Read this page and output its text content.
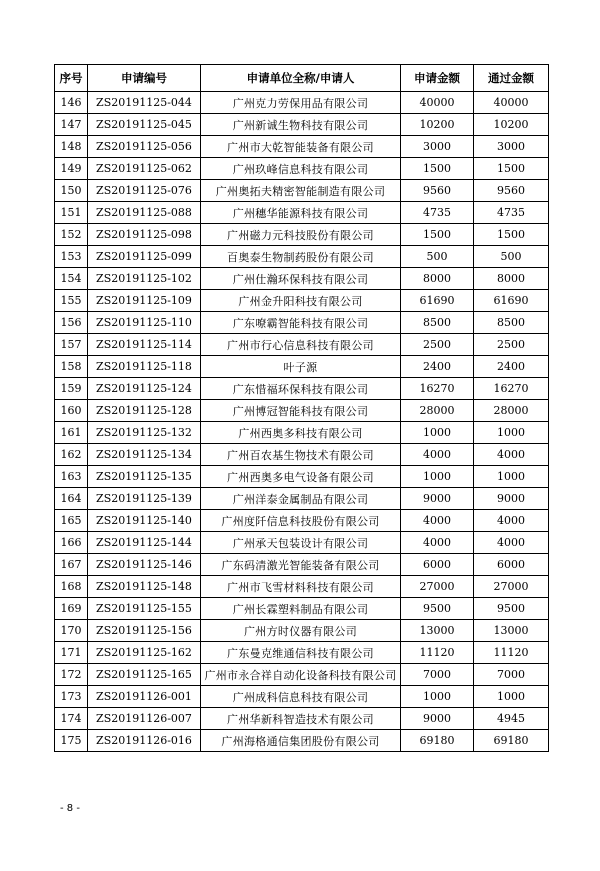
序号	申请编号	申请单位全称/申请人	申请金额	通过金额
146	ZS20191125-044	广州克力劳保用品有限公司	40000	40000
147	ZS20191125-045	广州新诚生物科技有限公司	10200	10200
148	ZS20191125-056	广州市大乾智能装备有限公司	3000	3000
149	ZS20191125-062	广州玖峰信息科技有限公司	1500	1500
150	ZS20191125-076	广州奥拓夫精密智能制造有限公司	9560	9560
151	ZS20191125-088	广州穗华能源科技有限公司	4735	4735
152	ZS20191125-098	广州磁力元科技股份有限公司	1500	1500
153	ZS20191125-099	百奥泰生物制药股份有限公司	500	500
154	ZS20191125-102	广州仕瀚环保科技有限公司	8000	8000
155	ZS20191125-109	广州金升阳科技有限公司	61690	61690
156	ZS20191125-110	广东嘹霸智能科技有限公司	8500	8500
157	ZS20191125-114	广州市行心信息科技有限公司	2500	2500
158	ZS20191125-118	叶子源	2400	2400
159	ZS20191125-124	广东惜福环保科技有限公司	16270	16270
160	ZS20191125-128	广州博冠智能科技有限公司	28000	28000
161	ZS20191125-132	广州西奥多科技有限公司	1000	1000
162	ZS20191125-134	广州百农基生物技术有限公司	4000	4000
163	ZS20191125-135	广州西奥多电气设备有限公司	1000	1000
164	ZS20191125-139	广州洋泰金属制品有限公司	9000	9000
165	ZS20191125-140	广州度阡信息科技股份有限公司	4000	4000
166	ZS20191125-144	广州承天包装设计有限公司	4000	4000
167	ZS20191125-146	广东码清激光智能装备有限公司	6000	6000
168	ZS20191125-148	广州市飞雪材料科技有限公司	27000	27000
169	ZS20191125-155	广州长霖塑料制品有限公司	9500	9500
170	ZS20191125-156	广州方时仪器有限公司	13000	13000
171	ZS20191125-162	广东曼克维通信科技有限公司	11120	11120
172	ZS20191125-165	广州市永合祥自动化设备科技有限公司	7000	7000
173	ZS20191126-001	广州成科信息科技有限公司	1000	1000
174	ZS20191126-007	广州华新科智造技术有限公司	9000	4945
175	ZS20191126-016	广州海格通信集团股份有限公司	69180	69180
- 8 -
